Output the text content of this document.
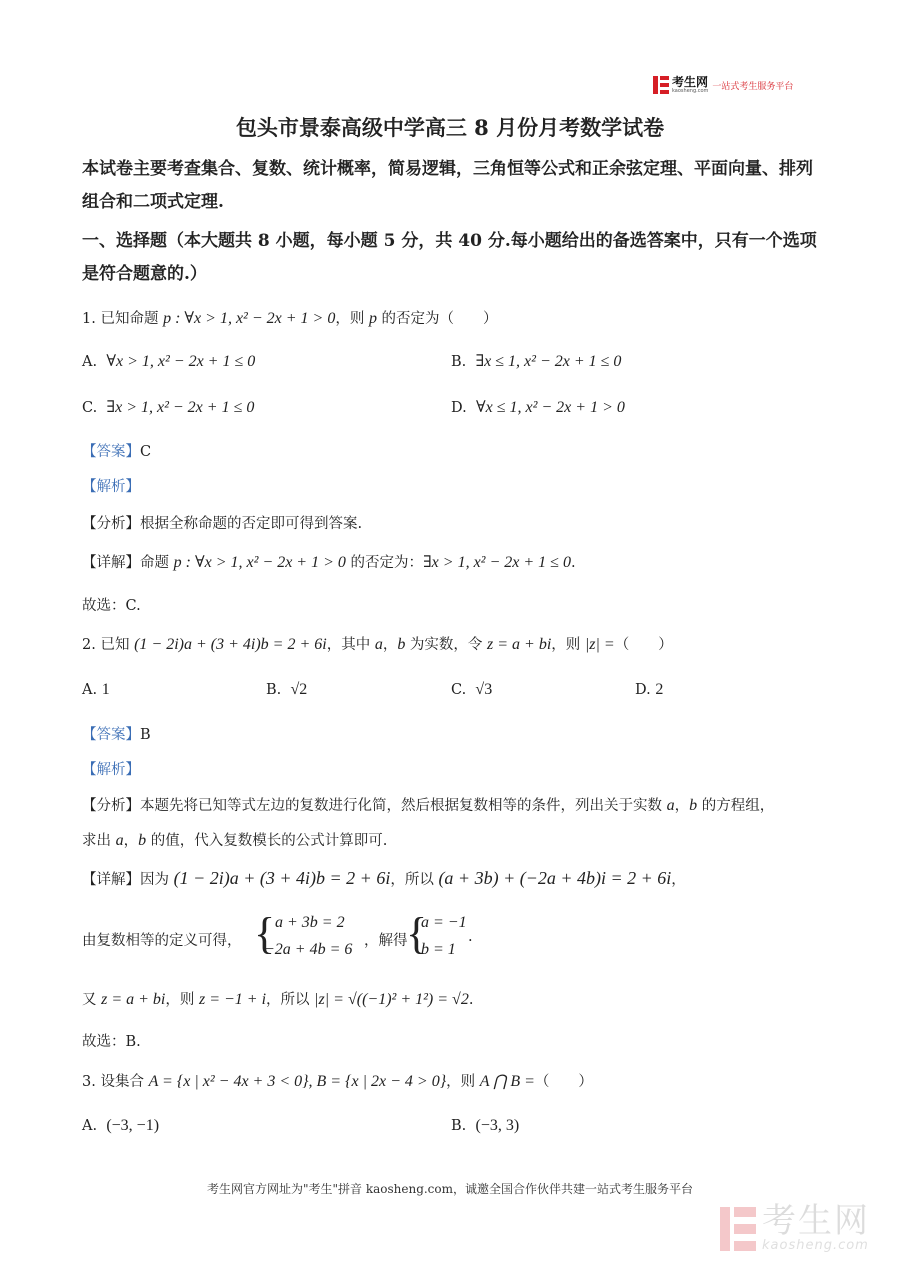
考生网
kaosheng.com 一站式考生服务平台
包头市景泰高级中学高三 8 月份月考数学试卷
本试卷主要考查集合、复数、统计概率，简易逻辑，三角恒等公式和正余弦定理、平面向量、排列组合和二项式定理.
一、选择题（本大题共 8 小题，每小题 5 分，共 40 分.每小题给出的备选答案中，只有一个选项是符合题意的.）
1. 已知命题 p : ∀x > 1, x² − 2x + 1 > 0，则 p 的否定为（　　）
A. ∀x > 1, x² − 2x + 1 ≤ 0	B. ∃x ≤ 1, x² − 2x + 1 ≤ 0
C. ∃x > 1, x² − 2x + 1 ≤ 0	D. ∀x ≤ 1, x² − 2x + 1 > 0
【答案】C
【解析】
【分析】根据全称命题的否定即可得到答案.
【详解】命题 p : ∀x > 1, x² − 2x + 1 > 0 的否定为：∃x > 1, x² − 2x + 1 ≤ 0.
故选：C.
2. 已知 (1 − 2i)a + (3 + 4i)b = 2 + 6i，其中 a，b 为实数，令 z = a + bi，则 |z| =（　　）
A. 1	B. √2	C. √3	D. 2
【答案】B
【解析】
【分析】本题先将已知等式左边的复数进行化简，然后根据复数相等的条件，列出关于实数 a，b 的方程组，
求出 a，b 的值，代入复数模长的公式计算即可.
【详解】因为 (1 − 2i)a + (3 + 4i)b = 2 + 6i，所以 (a + 3b) + (−2a + 4b)i = 2 + 6i，
由复数相等的定义可得， { a + 3b = 2
−2a + 4b = 6 ，解得
{
a = −1
b = 1
.
又 z = a + bi，则 z = −1 + i，所以 |z| = √((−1)² + 1²) = √2.
故选：B.
3. 设集合 A = {x | x² − 4x + 3 < 0}, B = {x | 2x − 4 > 0}，则 A ⋂ B =（　　）
A. (−3, −1)	B. (−3, 3)
考生网官方网址为"考生"拼音 kaosheng.com，诚邀全国合作伙伴共建一站式考生服务平台
考生网
kaosheng.com
